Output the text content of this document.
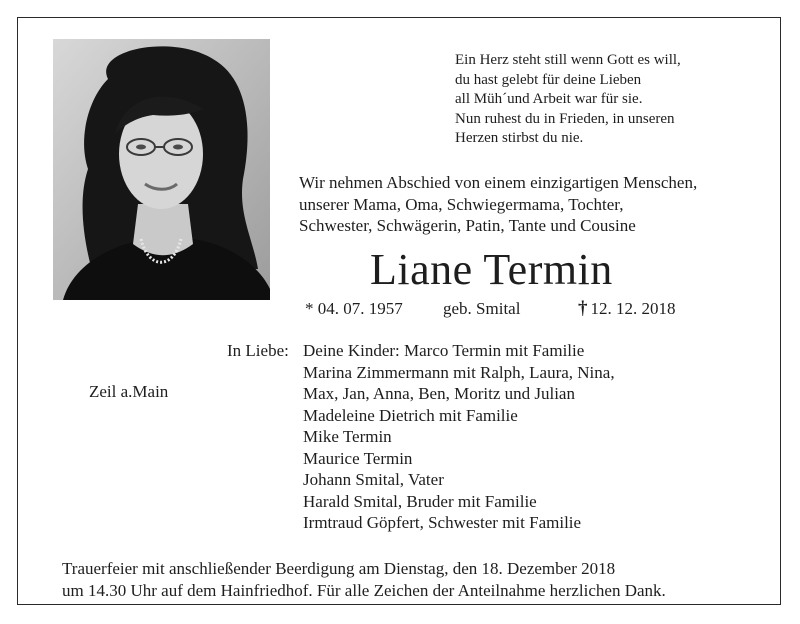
Ein Herz steht still wenn Gott es will,
du hast gelebt für deine Lieben
all Müh´und Arbeit war für sie.
Nun ruhest du in Frieden, in unseren
Herzen stirbst du nie.
Wir nehmen Abschied von einem einzigartigen Menschen,
unserer Mama, Oma, Schwiegermama, Tochter,
Schwester, Schwägerin, Patin, Tante und Cousine
Liane Termin
* 04. 07. 1957 geb. Smital	† 12. 12. 2018
Zeil a.Main
In Liebe: Deine Kinder: Marco Termin mit Familie
Marina Zimmermann mit Ralph, Laura, Nina,
Max, Jan, Anna, Ben, Moritz und Julian
Madeleine Dietrich mit Familie
Mike Termin
Maurice Termin
Johann Smital, Vater
Harald Smital, Bruder mit Familie
Irmtraud Göpfert, Schwester mit Familie
Trauerfeier mit anschließender Beerdigung am Dienstag, den 18. Dezember 2018
um 14.30 Uhr auf dem Hainfriedhof. Für alle Zeichen der Anteilnahme herzlichen Dank.
